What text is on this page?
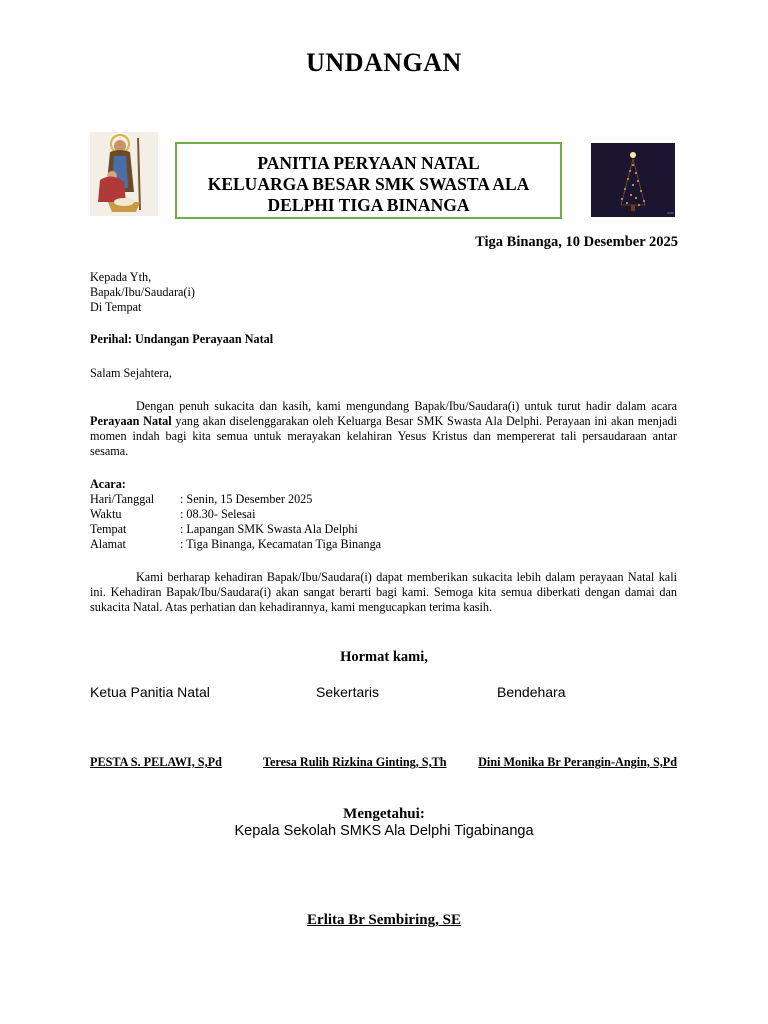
UNDANGAN
PANITIA PERYAAN NATAL
KELUARGA BESAR SMK SWASTA ALA
DELPHI TIGA BINANGA
Tiga Binanga, 10 Desember 2025
Kepada Yth,
Bapak/Ibu/Saudara(i)
Di Tempat
Perihal: Undangan Perayaan Natal
Salam Sejahtera,
Dengan penuh sukacita dan kasih, kami mengundang Bapak/Ibu/Saudara(i) untuk turut hadir dalam acara Perayaan Natal yang akan diselenggarakan oleh Keluarga Besar SMK Swasta Ala Delphi. Perayaan ini akan menjadi momen indah bagi kita semua untuk merayakan kelahiran Yesus Kristus dan mempererat tali persaudaraan antar sesama.
Acara:
Hari/Tanggal	: Senin, 15 Desember 2025
Waktu	: 08.30- Selesai
Tempat	: Lapangan SMK Swasta Ala Delphi
Alamat	: Tiga Binanga, Kecamatan Tiga Binanga
Kami berharap kehadiran Bapak/Ibu/Saudara(i) dapat memberikan sukacita lebih dalam perayaan Natal kali ini. Kehadiran Bapak/Ibu/Saudara(i) akan sangat berarti bagi kami. Semoga kita semua diberkati dengan damai dan sukacita Natal. Atas perhatian dan kehadirannya, kami mengucapkan terima kasih.
Hormat kami,
Ketua Panitia Natal	Sekertaris	Bendehara
PESTA S. PELAWI, S,Pd	Teresa Rulih Rizkina Ginting, S,Th	Dini Monika Br Perangin-Angin, S,Pd
Mengetahui:
Kepala Sekolah SMKS Ala Delphi Tigabinanga
Erlita Br Sembiring, SE
